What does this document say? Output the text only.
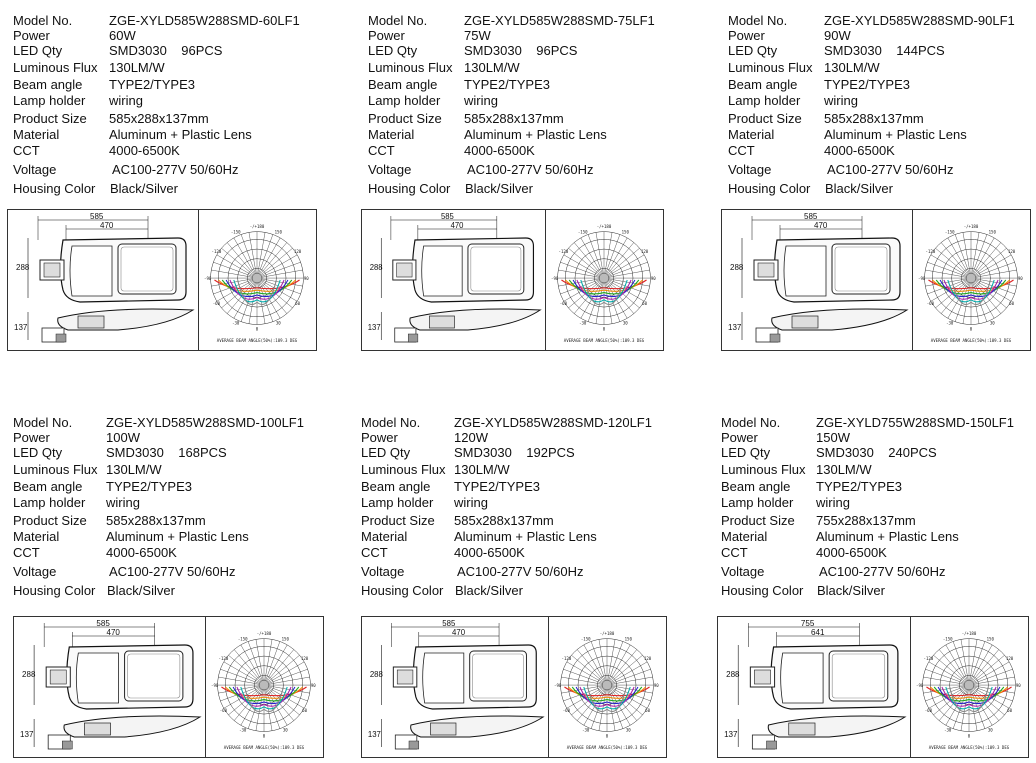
Model No.	ZGE-XYLD585W288SMD-60LF1
Power	60W
LED Qty	SMD3030    96PCS
Luminous Flux 130LM/W
Beam angle TYPE2/TYPE3
Lamp holder wiring
Product Size 585x288x137mm
Material	Aluminum + Plastic Lens
CCT	4000-6500K
Voltage	AC100-277V 50/60Hz
Housing Color Black/Silver
585
470
288
137
-/+180
-150	150
-120	120
-90	90
-60	60
-30	30
0
AVERAGE BEAM ANGLE(50%):109.3 DEG
Model No.	ZGE-XYLD585W288SMD-75LF1
Power	75W
LED Qty	SMD3030    96PCS
Luminous Flux 130LM/W
Beam angle TYPE2/TYPE3
Lamp holder wiring
Product Size 585x288x137mm
Material	Aluminum + Plastic Lens
CCT	4000-6500K
Voltage	AC100-277V 50/60Hz
Housing Color Black/Silver
585
470
288
137
-/+180
-150	150
-120	120
-90	90
-60	60
-30	30
0
AVERAGE BEAM ANGLE(50%):109.3 DEG
Model No.	ZGE-XYLD585W288SMD-90LF1
Power	90W
LED Qty	SMD3030    144PCS
Luminous Flux 130LM/W
Beam angle TYPE2/TYPE3
Lamp holder wiring
Product Size 585x288x137mm
Material	Aluminum + Plastic Lens
CCT	4000-6500K
Voltage	AC100-277V 50/60Hz
Housing Color Black/Silver
585
470
288
137
-/+180
-150	150
-120	120
-90	90
-60	60
-30	30
0
AVERAGE BEAM ANGLE(50%):109.3 DEG
Model No.	ZGE-XYLD585W288SMD-100LF1
Power	100W
LED Qty	SMD3030    168PCS
Luminous Flux 130LM/W
Beam angle TYPE2/TYPE3
Lamp holder wiring
Product Size 585x288x137mm
Material	Aluminum + Plastic Lens
CCT	4000-6500K
Voltage	AC100-277V 50/60Hz
Housing Color Black/Silver
585
470
288
137
-/+180
-150	150
-120	120
-90	90
-60	60
-30	30
0
AVERAGE BEAM ANGLE(50%):109.3 DEG
Model No.	ZGE-XYLD585W288SMD-120LF1
Power	120W
LED Qty	SMD3030    192PCS
Luminous Flux 130LM/W
Beam angle TYPE2/TYPE3
Lamp holder wiring
Product Size 585x288x137mm
Material	Aluminum + Plastic Lens
CCT	4000-6500K
Voltage	AC100-277V 50/60Hz
Housing Color Black/Silver
585
470
288
137
-/+180
-150	150
-120	120
-90	90
-60	60
-30	30
0
AVERAGE BEAM ANGLE(50%):109.3 DEG
Model No.	ZGE-XYLD755W288SMD-150LF1
Power	150W
LED Qty	SMD3030    240PCS
Luminous Flux 130LM/W
Beam angle TYPE2/TYPE3
Lamp holder wiring
Product Size 755x288x137mm
Material	Aluminum + Plastic Lens
CCT	4000-6500K
Voltage	AC100-277V 50/60Hz
Housing Color Black/Silver
755
641
288
137
-/+180
-150	150
-120	120
-90	90
-60	60
-30	30
0
AVERAGE BEAM ANGLE(50%):109.3 DEG
